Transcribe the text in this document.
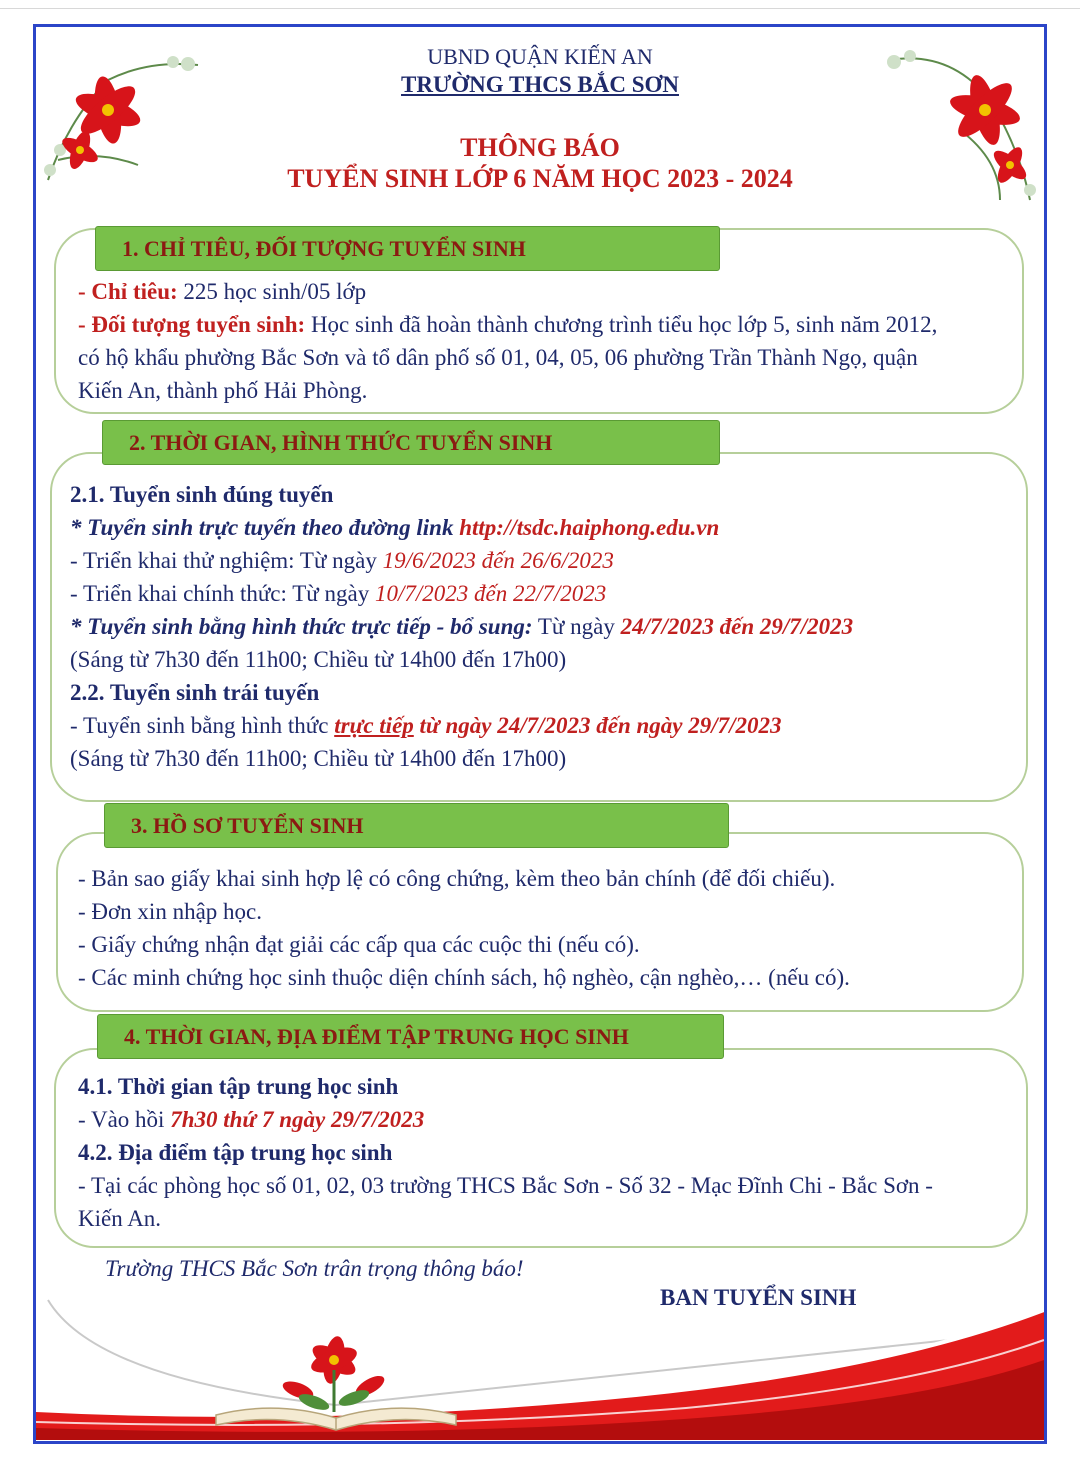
UBND QUẬN KIẾN AN
TRƯỜNG THCS BẮC SƠN
THÔNG BÁO
TUYỂN SINH LỚP 6 NĂM HỌC 2023 - 2024
1. CHỈ TIÊU, ĐỐI TƯỢNG TUYỂN SINH
- Chỉ tiêu: 225 học sinh/05 lớp
- Đối tượng tuyển sinh: Học sinh đã hoàn thành chương trình tiểu học lớp 5, sinh năm 2012,
có hộ khẩu phường Bắc Sơn và tổ dân phố số 01, 04, 05, 06 phường Trần Thành Ngọ, quận
Kiến An, thành phố Hải Phòng.
2. THỜI GIAN, HÌNH THỨC TUYỂN SINH
2.1. Tuyển sinh đúng tuyến
* Tuyển sinh trực tuyến theo đường link http://tsdc.haiphong.edu.vn
- Triển khai thử nghiệm: Từ ngày 19/6/2023 đến 26/6/2023
- Triển khai chính thức: Từ ngày 10/7/2023 đến 22/7/2023
* Tuyển sinh bằng hình thức trực tiếp - bổ sung: Từ ngày 24/7/2023 đến 29/7/2023
(Sáng từ 7h30 đến 11h00; Chiều từ 14h00 đến 17h00)
2.2. Tuyển sinh trái tuyến
- Tuyển sinh bằng hình thức trực tiếp từ ngày 24/7/2023 đến ngày 29/7/2023
(Sáng từ 7h30 đến 11h00; Chiều từ 14h00 đến 17h00)
3. HỒ SƠ TUYỂN SINH
- Bản sao giấy khai sinh hợp lệ có công chứng, kèm theo bản chính (để đối chiếu).
- Đơn xin nhập học.
- Giấy chứng nhận đạt giải các cấp qua các cuộc thi (nếu có).
- Các minh chứng học sinh thuộc diện chính sách, hộ nghèo, cận nghèo,… (nếu có).
4. THỜI GIAN, ĐỊA ĐIỂM TẬP TRUNG HỌC SINH
4.1. Thời gian tập trung học sinh
- Vào hồi 7h30 thứ 7 ngày 29/7/2023
4.2. Địa điểm tập trung học sinh
- Tại các phòng học số 01, 02, 03 trường THCS Bắc Sơn - Số 32 - Mạc Đĩnh Chi - Bắc Sơn -
Kiến An.
Trường THCS Bắc Sơn trân trọng thông báo!
BAN TUYỂN SINH
